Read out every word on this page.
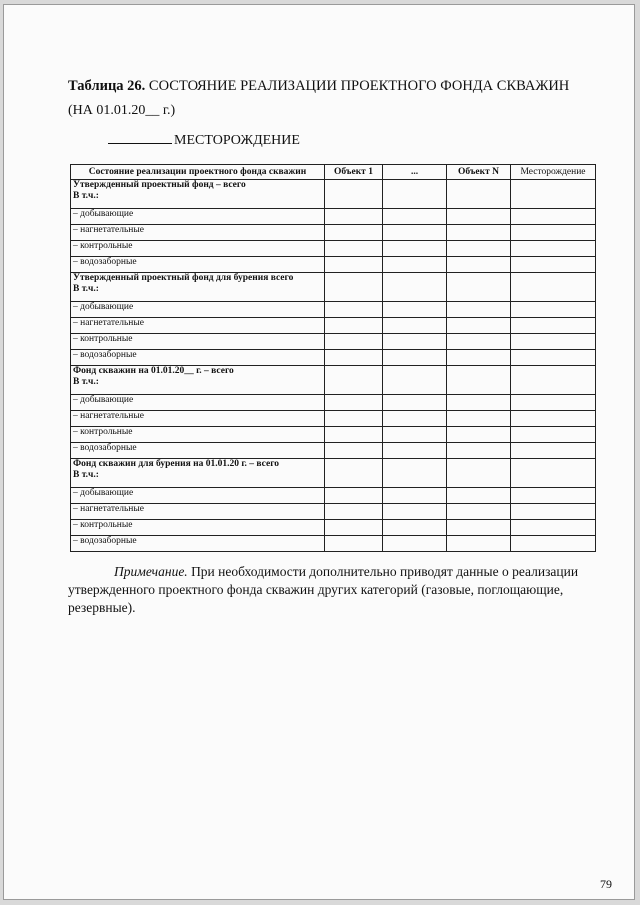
Таблица 26. СОСТОЯНИЕ РЕАЛИЗАЦИИ ПРОЕКТНОГО ФОНДА СКВАЖИН
(НА 01.01.20__ г.)
МЕСТОРОЖДЕНИЕ
Состояние реализации проектного фонда скважин	Объект 1	...	Объект N	Месторождение

Утвержденный проектный фонд – всего
В т.ч.:				

– добывающие				
– нагнетательные				
– контрольные				
– водозаборные				

Утвержденный проектный фонд для бурения всего
В т.ч.:				

– добывающие				
– нагнетательные				
– контрольные				
– водозаборные				

Фонд скважин на 01.01.20__ г. – всего
В т.ч.:				

– добывающие				
– нагнетательные				
– контрольные				
– водозаборные				

Фонд скважин для бурения на 01.01.20 г. – всего
В т.ч.:				

– добывающие				
– нагнетательные				
– контрольные				
– водозаборные				
Примечание. При необходимости дополнительно приводят данные о реализации утвержденного проектного фонда скважин других категорий (газовые, поглощающие, резервные).
79
